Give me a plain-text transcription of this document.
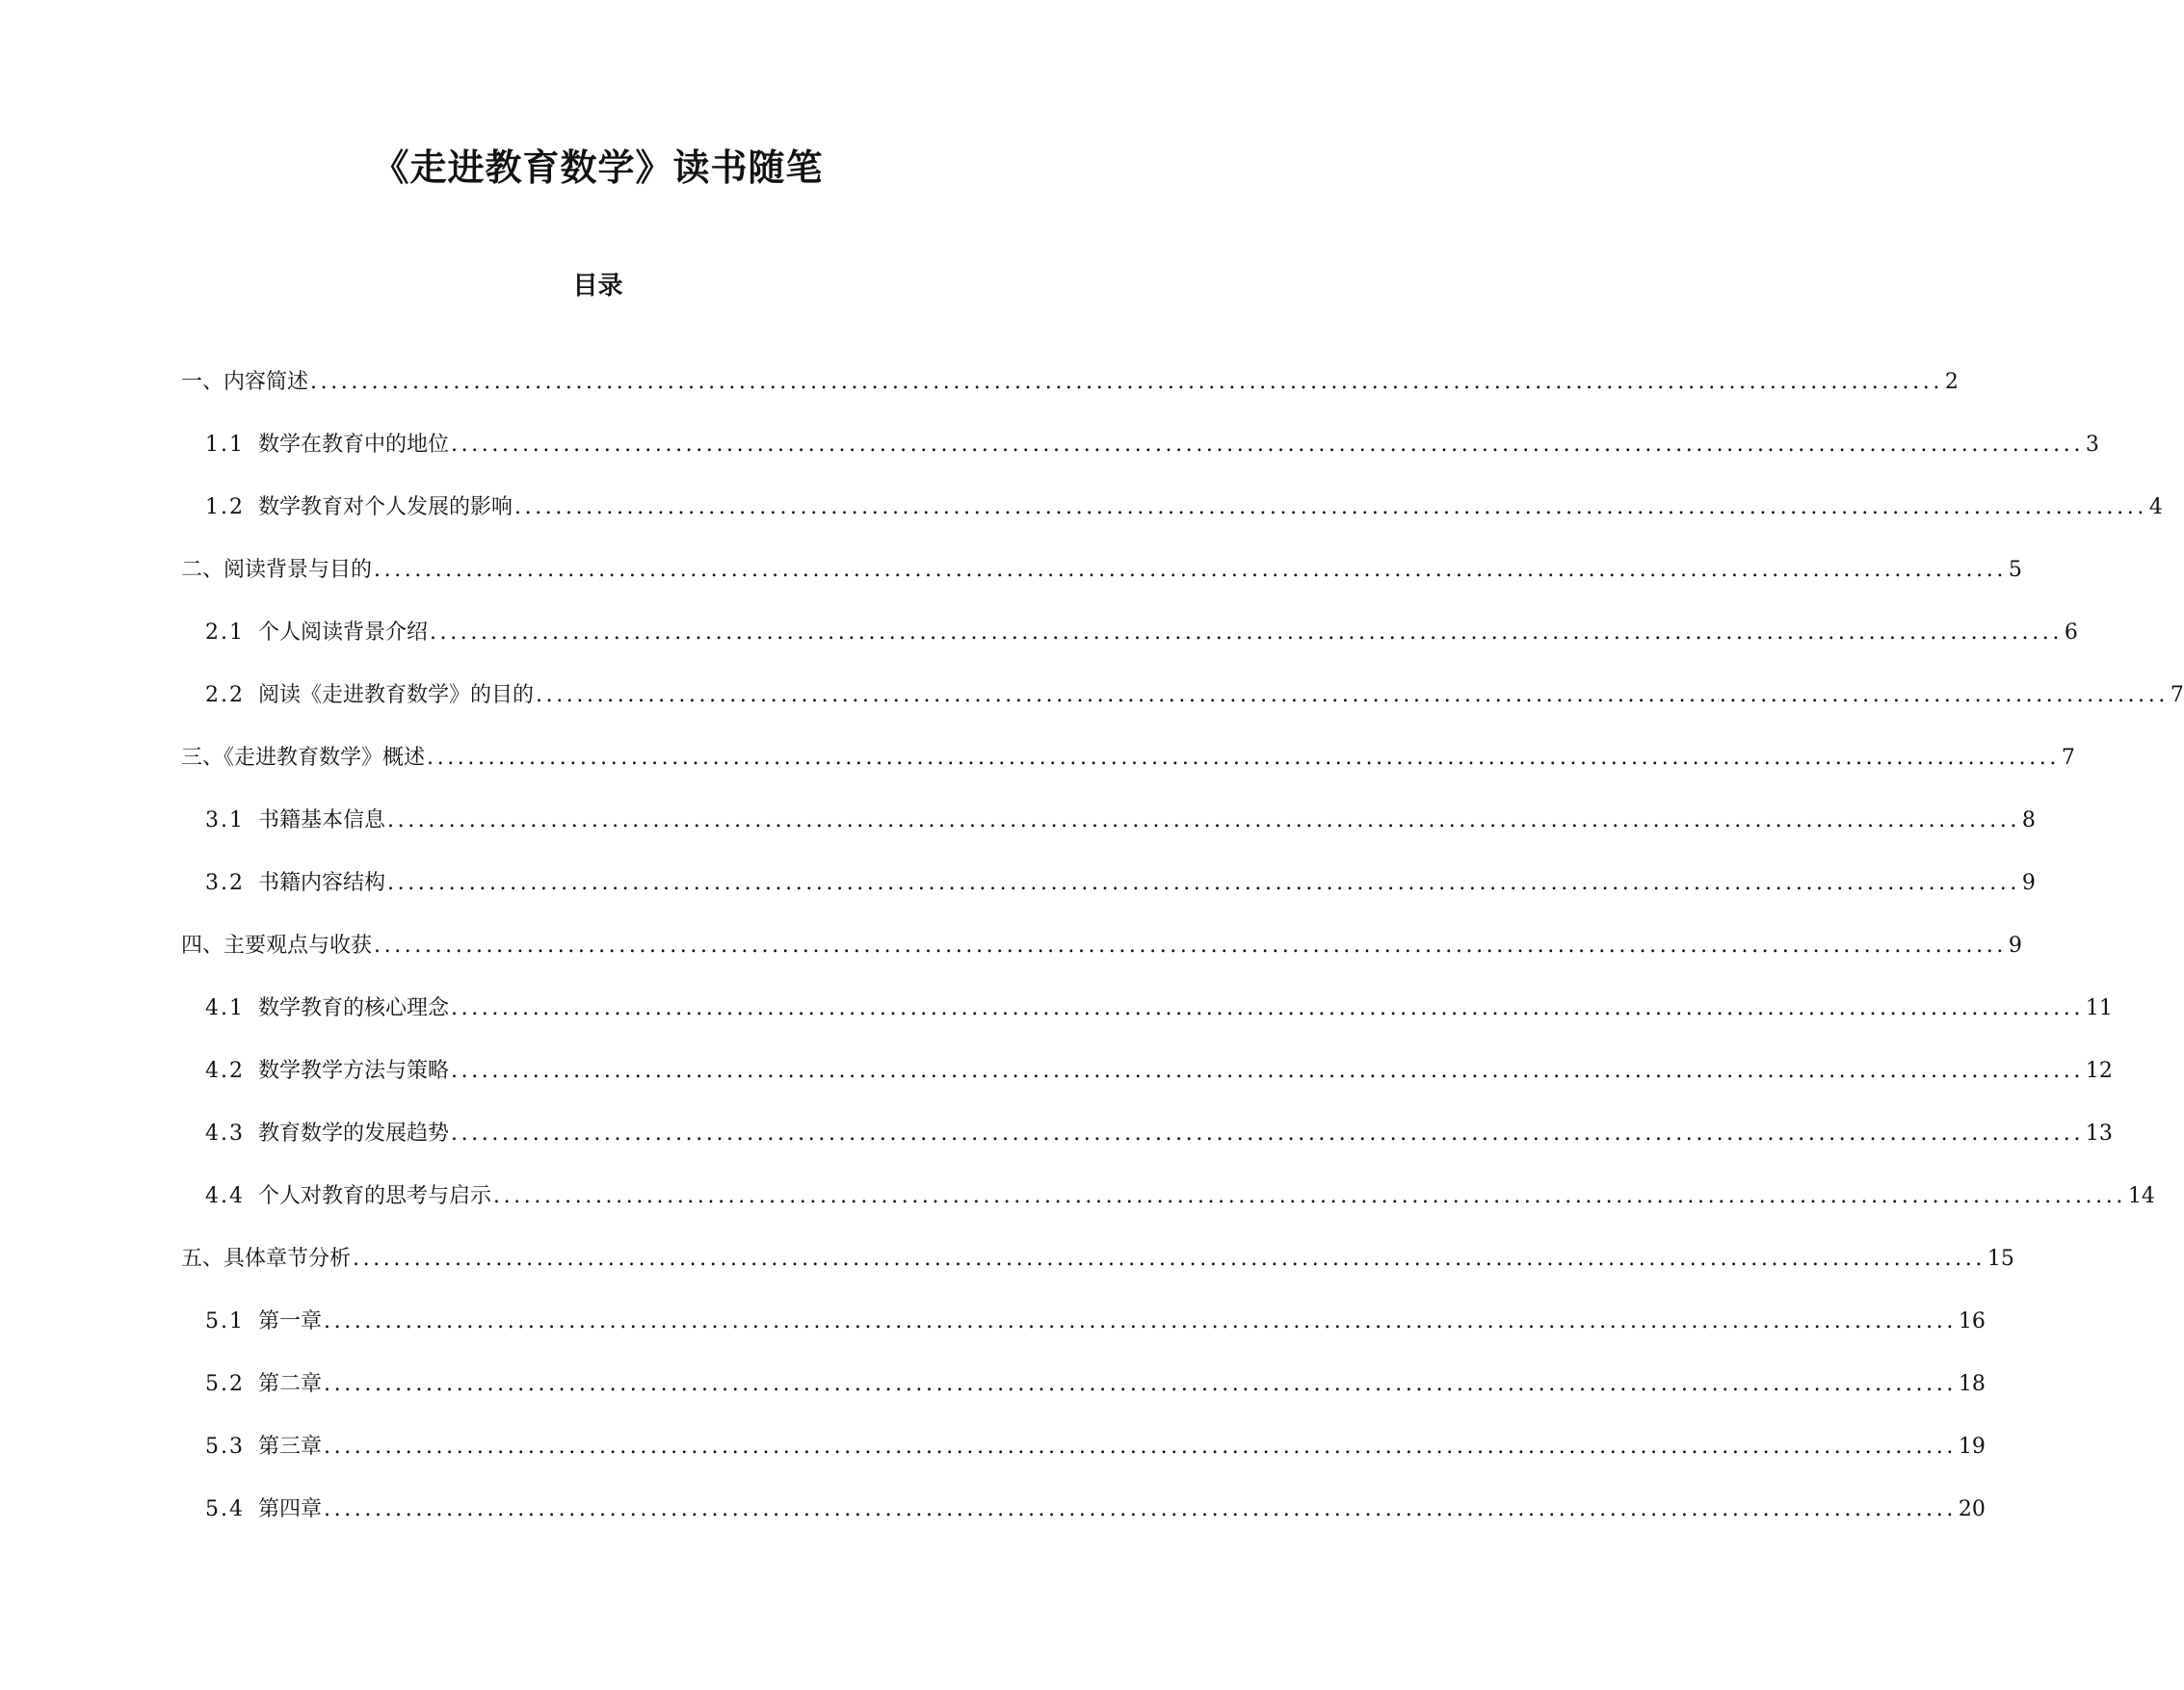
《走进教育数学》读书随笔
目录
一、内容简述 ................................................................................................................................................................ 2
1.1 数学在教育中的地位 ................................................................................................................................................................ 3
1.2 数学教育对个人发展的影响 ................................................................................................................................................................ 4
二、阅读背景与目的 ................................................................................................................................................................ 5
2.1 个人阅读背景介绍 ................................................................................................................................................................ 6
2.2 阅读《走进教育数学》的目的 ................................................................................................................................................................ 7
三、《走进教育数学》概述 ................................................................................................................................................................ 7
3.1 书籍基本信息 ................................................................................................................................................................ 8
3.2 书籍内容结构 ................................................................................................................................................................ 9
四、主要观点与收获 ................................................................................................................................................................ 9
4.1 数学教育的核心理念 ................................................................................................................................................................ 11
4.2 数学教学方法与策略 ................................................................................................................................................................ 12
4.3 教育数学的发展趋势 ................................................................................................................................................................ 13
4.4 个人对教育的思考与启示 ................................................................................................................................................................ 14
五、具体章节分析 ................................................................................................................................................................ 15
5.1 第一章 ................................................................................................................................................................ 16
5.2 第二章 ................................................................................................................................................................ 18
5.3 第三章 ................................................................................................................................................................ 19
5.4 第四章 ................................................................................................................................................................ 20
